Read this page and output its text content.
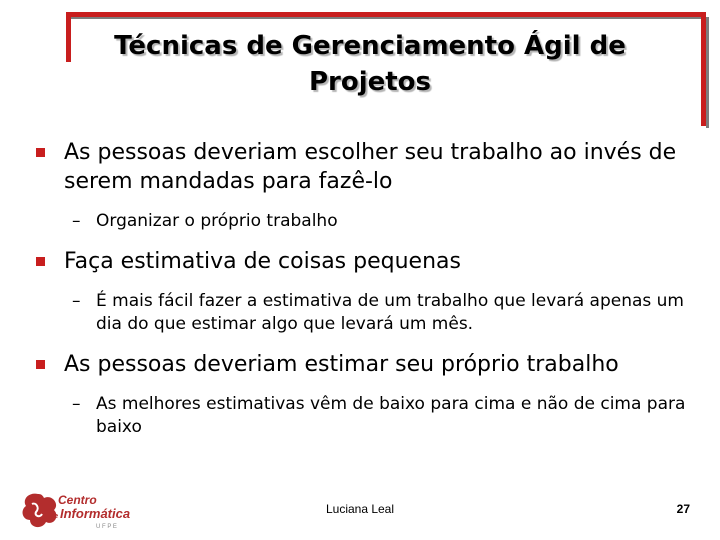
Técnicas de Gerenciamento Ágil de Projetos
As pessoas deveriam escolher seu trabalho ao invés de serem mandadas para fazê-lo
– Organizar o próprio trabalho
Faça estimativa de coisas pequenas
– É mais fácil fazer a estimativa de um trabalho que levará apenas um dia do que estimar algo que levará um mês.
As pessoas deveriam estimar seu próprio trabalho
– As melhores estimativas vêm de baixo para cima e não de cima para baixo
Centro
de Informática
U F P E
Luciana Leal	27
